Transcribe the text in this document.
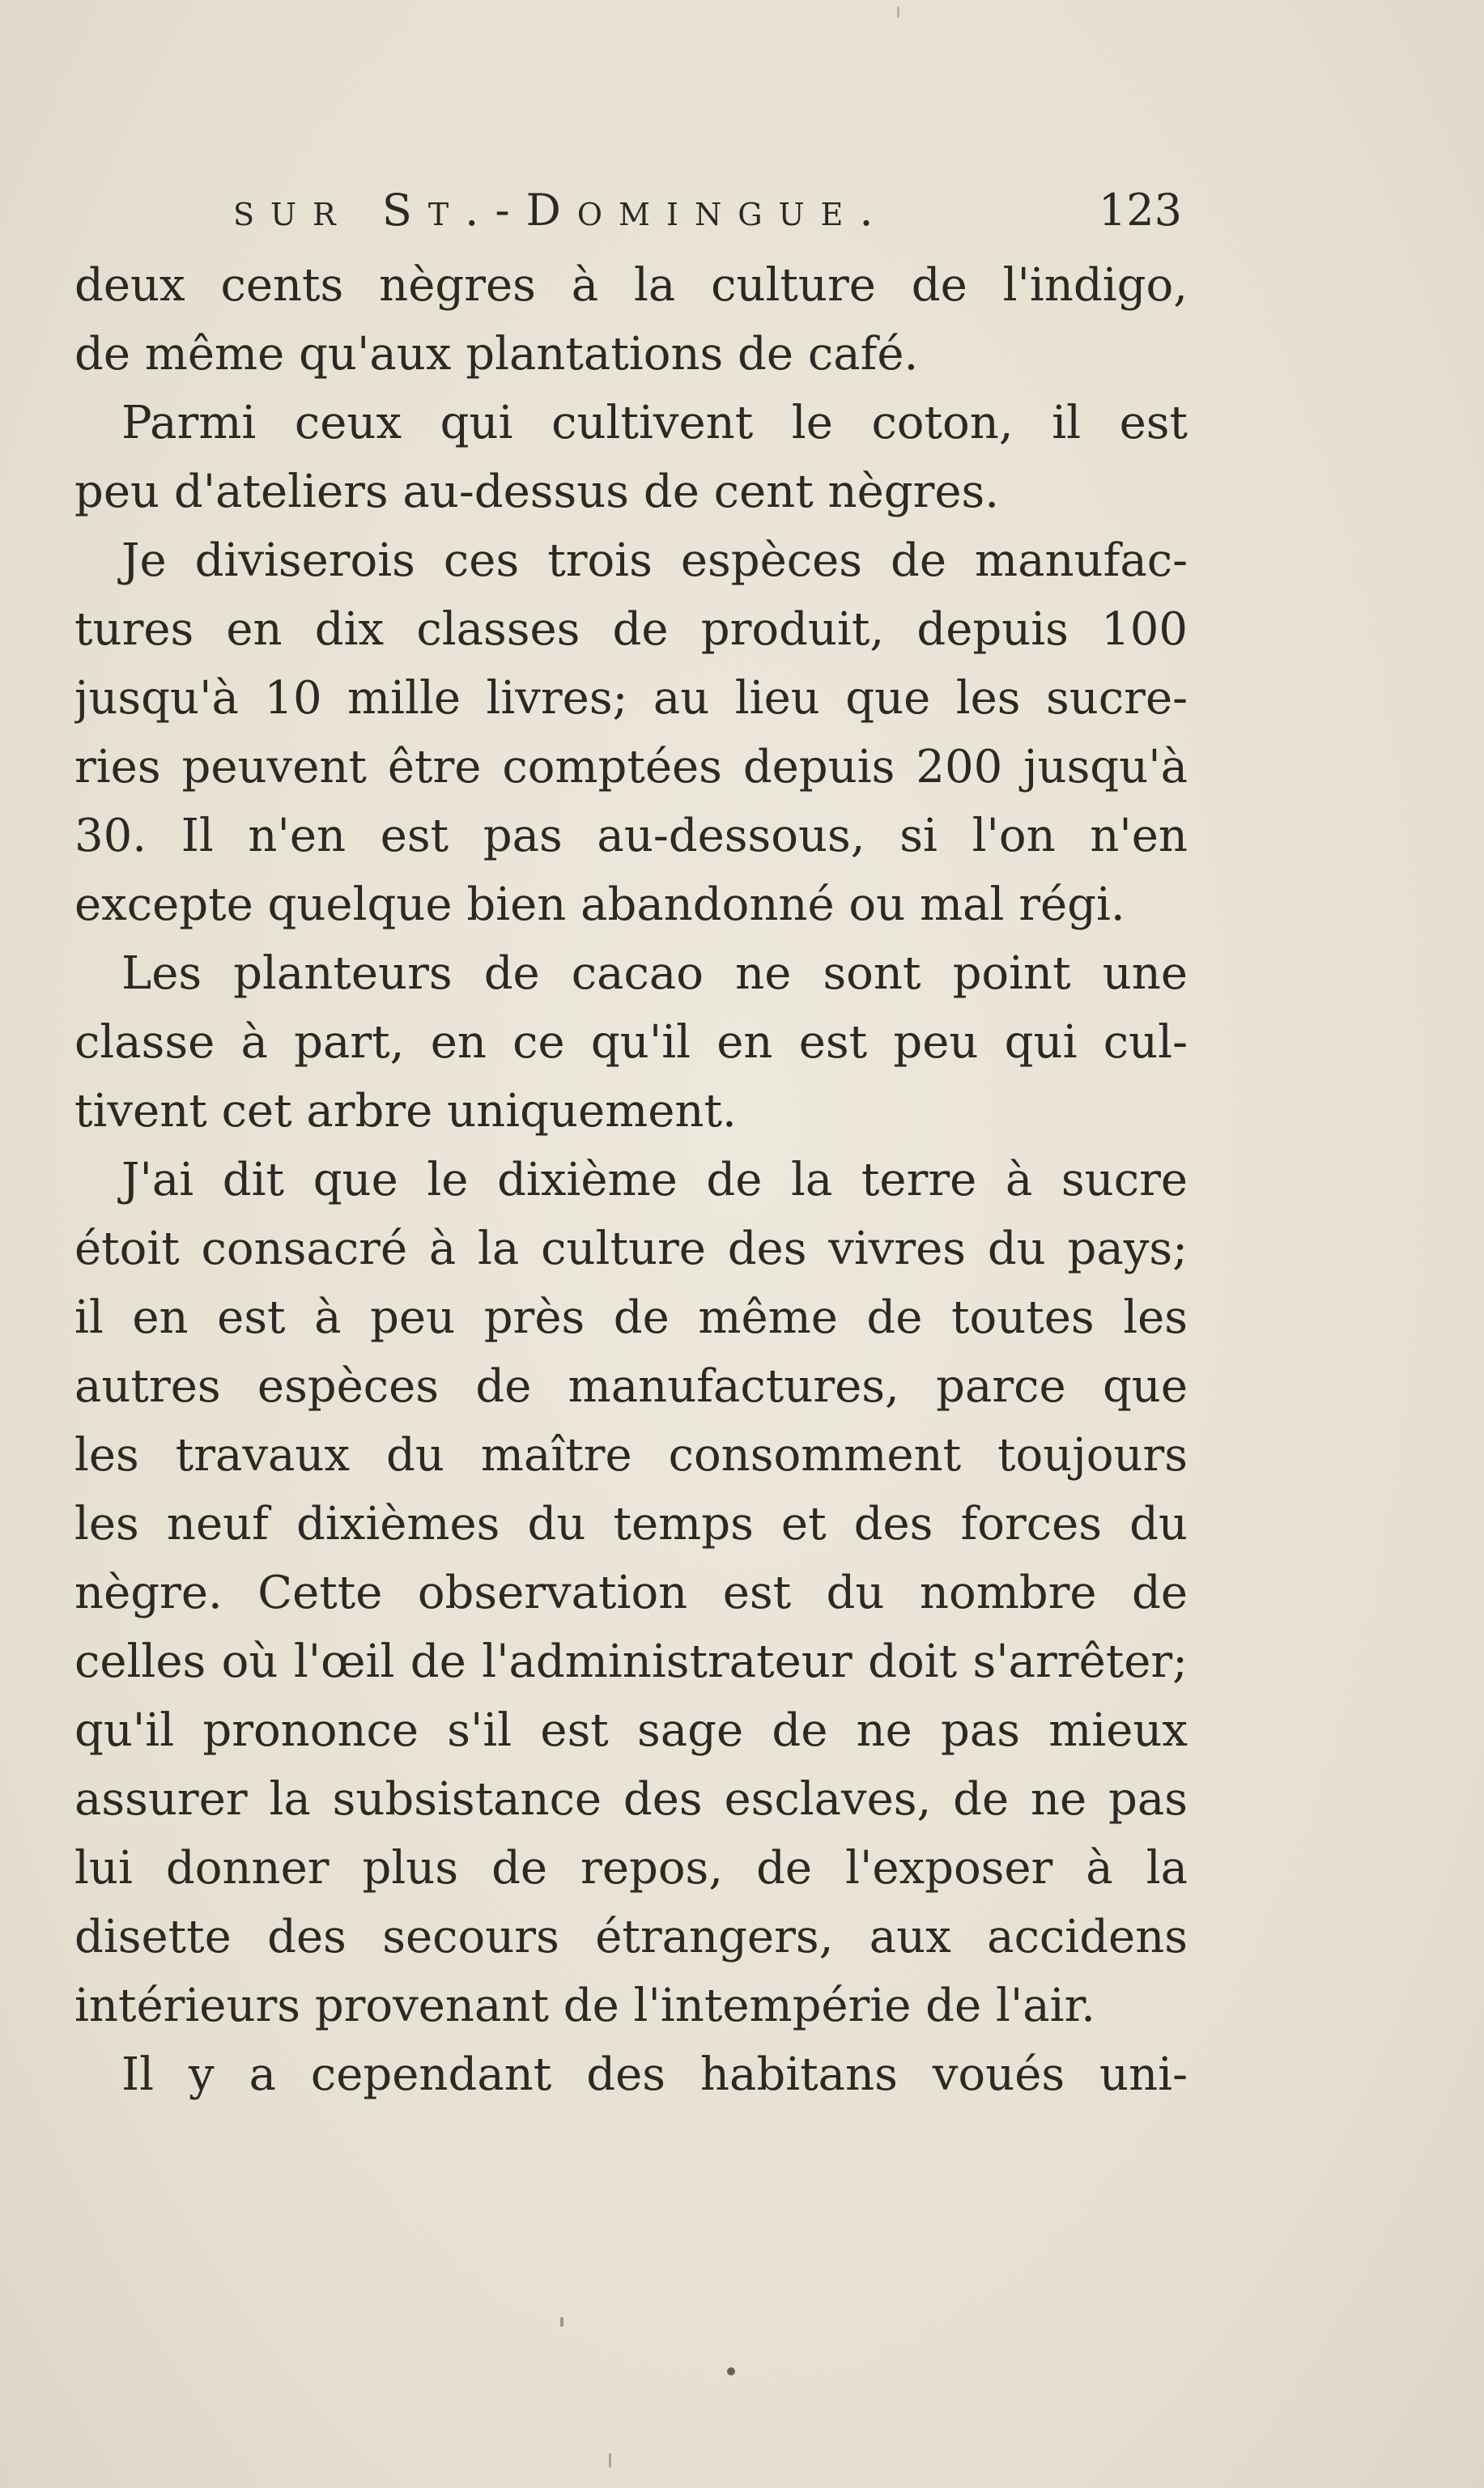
sur St.-Domingue.	123
deux cents nègres à la culture de l'indigo,
de même qu'aux plantations de café.
Parmi ceux qui cultivent le coton, il est
peu d'ateliers au-dessus de cent nègres.
Je diviserois ces trois espèces de manufac-
tures en dix classes de produit, depuis 100
jusqu'à 10 mille livres; au lieu que les sucre-
ries peuvent être comptées depuis 200 jusqu'à
30. Il n'en est pas au-dessous, si l'on n'en
excepte quelque bien abandonné ou mal régi.
Les planteurs de cacao ne sont point une
classe à part, en ce qu'il en est peu qui cul-
tivent cet arbre uniquement.
J'ai dit que le dixième de la terre à sucre
étoit consacré à la culture des vivres du pays;
il en est à peu près de même de toutes les
autres espèces de manufactures, parce que
les travaux du maître consomment toujours
les neuf dixièmes du temps et des forces du
nègre. Cette observation est du nombre de
celles où l'œil de l'administrateur doit s'arrêter;
qu'il prononce s'il est sage de ne pas mieux
assurer la subsistance des esclaves, de ne pas
lui donner plus de repos, de l'exposer à la
disette des secours étrangers, aux accidens
intérieurs provenant de l'intempérie de l'air.
Il y a cependant des habitans voués uni-
